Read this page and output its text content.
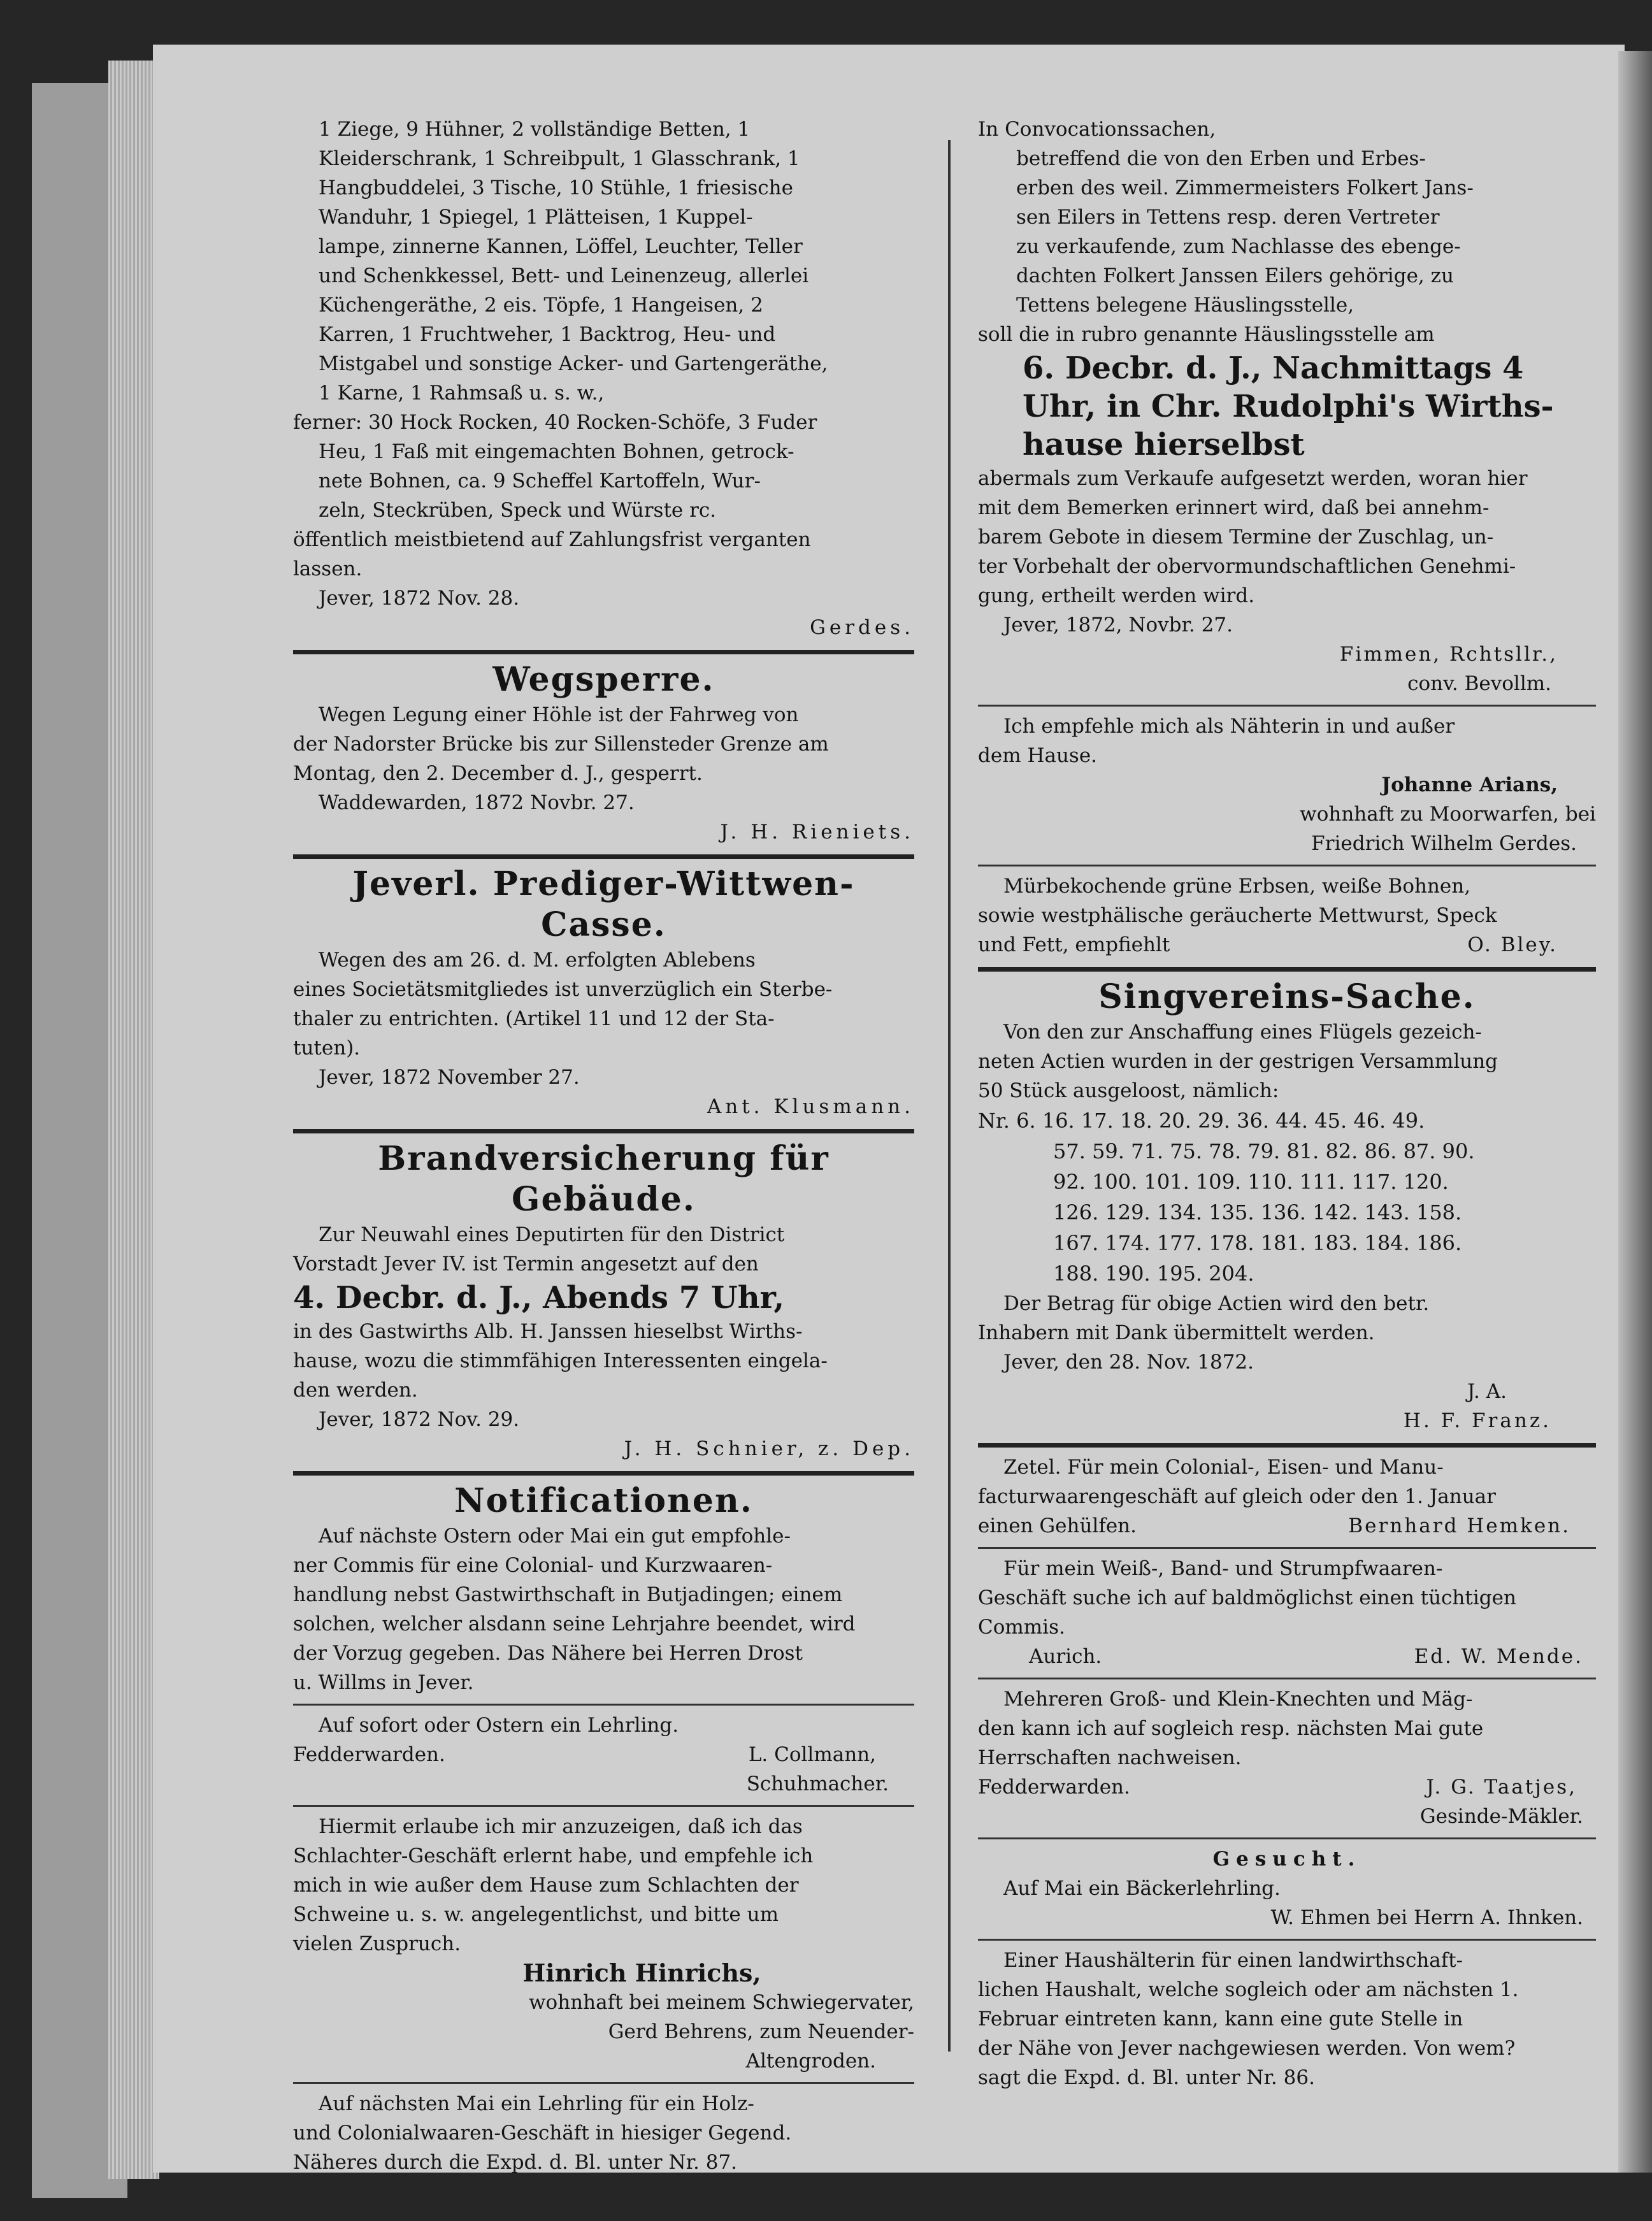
1 Ziege, 9 Hühner, 2 vollständige Betten, 1

Kleiderschrank, 1 Schreibpult, 1 Glasschrank, 1

Hangbuddelei, 3 Tische, 10 Stühle, 1 friesische

Wanduhr, 1 Spiegel, 1 Plätteisen, 1 Kuppel-

lampe, zinnerne Kannen, Löffel, Leuchter, Teller

und Schenkkessel, Bett- und Leinenzeug, allerlei

Küchengeräthe, 2 eis. Töpfe, 1 Hangeisen, 2

Karren, 1 Fruchtweher, 1 Backtrog, Heu- und

Mistgabel und sonstige Acker- und Gartengeräthe,

1 Karne, 1 Rahmsaß u. s. w.,

ferner: 30 Hock Rocken, 40 Rocken-Schöfe, 3 Fuder

Heu, 1 Faß mit eingemachten Bohnen, getrock-

nete Bohnen, ca. 9 Scheffel Kartoffeln, Wur-

zeln, Steckrüben, Speck und Würste rc.

öffentlich meistbietend auf Zahlungsfrist verganten

lassen.

Jever, 1872 Nov. 28.

Gerdes.

Wegsperre.

Wegen Legung einer Höhle ist der Fahrweg von

der Nadorster Brücke bis zur Sillensteder Grenze am

Montag, den 2. December d. J., gesperrt.

Waddewarden, 1872 Novbr. 27.

J. H. Rieniets.

Jeverl. Prediger-Wittwen-Casse.

Wegen des am 26. d. M. erfolgten Ablebens

eines Societätsmitgliedes ist unverzüglich ein Sterbe-

thaler zu entrichten. (Artikel 11 und 12 der Sta-

tuten).

Jever, 1872 November 27.

Ant. Klusmann.

Brandversicherung für Gebäude.

Zur Neuwahl eines Deputirten für den District

Vorstadt Jever IV. ist Termin angesetzt auf den

4. Decbr. d. J., Abends 7 Uhr,

in des Gastwirths Alb. H. Janssen hieselbst Wirths-

hause, wozu die stimmfähigen Interessenten eingela-

den werden.

Jever, 1872 Nov. 29.

J. H. Schnier, z. Dep.

Notificationen.

Auf nächste Ostern oder Mai ein gut empfohle-

ner Commis für eine Colonial- und Kurzwaaren-

handlung nebst Gastwirthschaft in Butjadingen; einem

solchen, welcher alsdann seine Lehrjahre beendet, wird

der Vorzug gegeben. Das Nähere bei Herren Drost

u. Willms in Jever.

Auf sofort oder Ostern ein Lehrling.

Fedderwarden.	L. Collmann,

Schuhmacher.

Hiermit erlaube ich mir anzuzeigen, daß ich das

Schlachter-Geschäft erlernt habe, und empfehle ich

mich in wie außer dem Hause zum Schlachten der

Schweine u. s. w. angelegentlichst, und bitte um

vielen Zuspruch.

Hinrich Hinrichs,

wohnhaft bei meinem Schwiegervater,

Gerd Behrens, zum Neuender-

Altengroden.

Auf nächsten Mai ein Lehrling für ein Holz-

und Colonialwaaren-Geschäft in hiesiger Gegend.

Näheres durch die Expd. d. Bl. unter Nr. 87.

In Convocationssachen,

betreffend die von den Erben und Erbes-

erben des weil. Zimmermeisters Folkert Jans-

sen Eilers in Tettens resp. deren Vertreter

zu verkaufende, zum Nachlasse des ebenge-

dachten Folkert Janssen Eilers gehörige, zu

Tettens belegene Häuslingsstelle,

soll die in rubro genannte Häuslingsstelle am

6. Decbr. d. J., Nachmittags 4

Uhr, in Chr. Rudolphi's Wirths-

hause hierselbst

abermals zum Verkaufe aufgesetzt werden, woran hier

mit dem Bemerken erinnert wird, daß bei annehm-

barem Gebote in diesem Termine der Zuschlag, un-

ter Vorbehalt der obervormundschaftlichen Genehmi-

gung, ertheilt werden wird.

Jever, 1872, Novbr. 27.

Fimmen, Rchtsllr.,

conv. Bevollm.

Ich empfehle mich als Nähterin in und außer

dem Hause.

Johanne Arians,

wohnhaft zu Moorwarfen, bei

Friedrich Wilhelm Gerdes.

Mürbekochende grüne Erbsen, weiße Bohnen,

sowie westphälische geräucherte Mettwurst, Speck

und Fett, empfiehlt	O. Bley.
Singvereins-Sache.

Von den zur Anschaffung eines Flügels gezeich-

neten Actien wurden in der gestrigen Versammlung

50 Stück ausgeloost, nämlich:

Nr. 6. 16. 17. 18. 20. 29. 36. 44. 45. 46. 49.

57. 59. 71. 75. 78. 79. 81. 82. 86. 87. 90.

92. 100. 101. 109. 110. 111. 117. 120.

126. 129. 134. 135. 136. 142. 143. 158.

167. 174. 177. 178. 181. 183. 184. 186.

188. 190. 195. 204.

Der Betrag für obige Actien wird den betr.

Inhabern mit Dank übermittelt werden.

Jever, den 28. Nov. 1872.

J. A.

H. F. Franz.

Zetel. Für mein Colonial-, Eisen- und Manu-

facturwaarengeschäft auf gleich oder den 1. Januar

einen Gehülfen.	Bernhard Hemken.

Für mein Weiß-, Band- und Strumpfwaaren-

Geschäft suche ich auf baldmöglichst einen tüchtigen

Commis.

Aurich.	Ed. W. Mende.

Mehreren Groß- und Klein-Knechten und Mäg-

den kann ich auf sogleich resp. nächsten Mai gute

Herrschaften nachweisen.

Fedderwarden.	J. G. Taatjes,

Gesinde-Mäkler.

Gesucht.

Auf Mai ein Bäckerlehrling.

W. Ehmen bei Herrn A. Ihnken.

Einer Haushälterin für einen landwirthschaft-

lichen Haushalt, welche sogleich oder am nächsten 1.

Februar eintreten kann, kann eine gute Stelle in

der Nähe von Jever nachgewiesen werden. Von wem?

sagt die Expd. d. Bl. unter Nr. 86.
